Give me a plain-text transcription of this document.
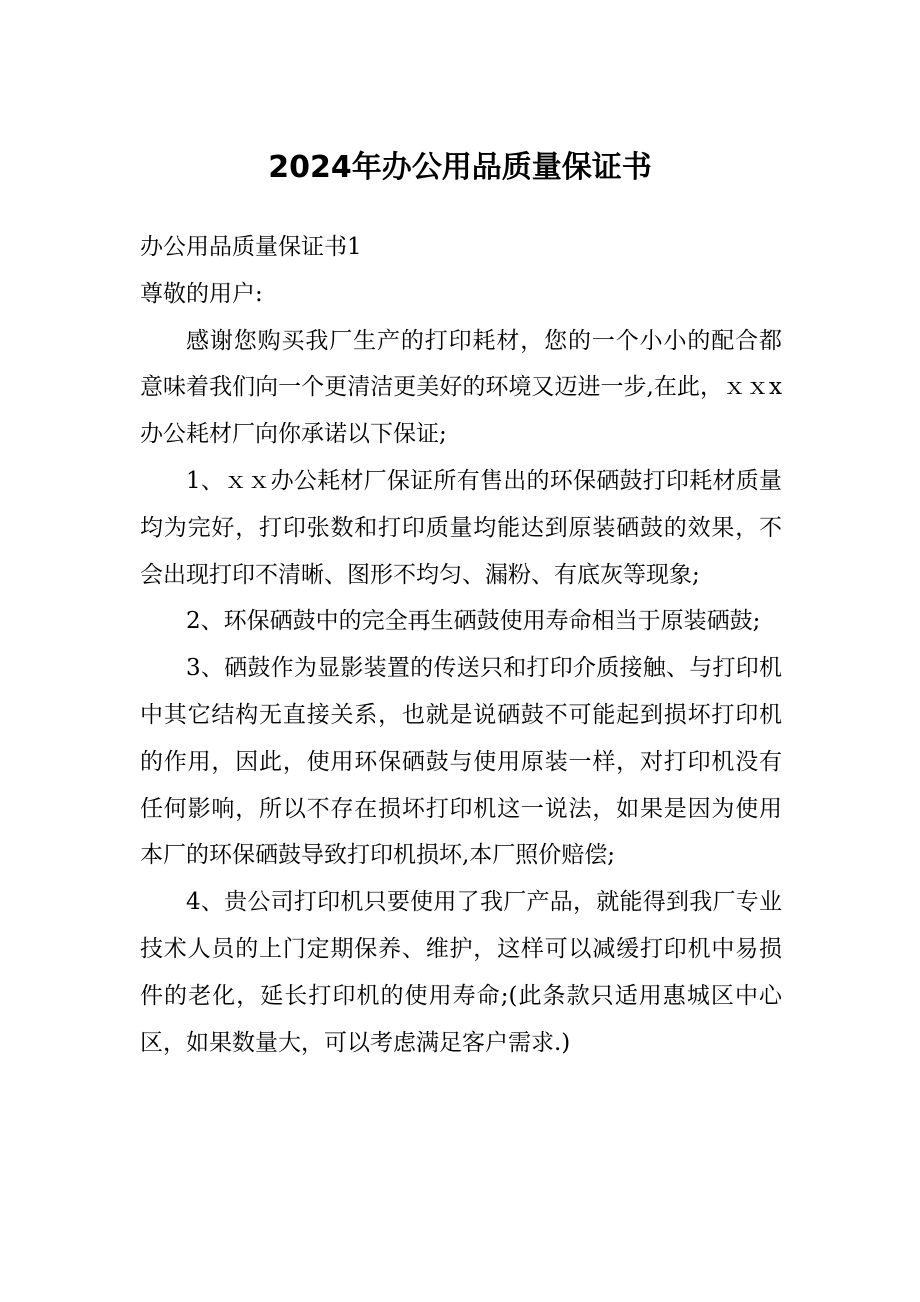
2024年办公用品质量保证书

办公用品质量保证书1

尊敬的用户:

感谢您购买我厂生产的打印耗材，您的一个小小的配合都意味着我们向一个更清洁更美好的环境又迈进一步,在此，ｘｘx办公耗材厂向你承诺以下保证;

1、ｘｘ办公耗材厂保证所有售出的环保硒鼓打印耗材质量均为完好，打印张数和打印质量均能达到原装硒鼓的效果，不会出现打印不清晰、图形不均匀、漏粉、有底灰等现象;

2、环保硒鼓中的完全再生硒鼓使用寿命相当于原装硒鼓;

3、硒鼓作为显影装置的传送只和打印介质接触、与打印机中其它结构无直接关系，也就是说硒鼓不可能起到损坏打印机的作用，因此，使用环保硒鼓与使用原装一样，对打印机没有任何影响，所以不存在损坏打印机这一说法，如果是因为使用本厂的环保硒鼓导致打印机损坏,本厂照价赔偿;

4、贵公司打印机只要使用了我厂产品，就能得到我厂专业技术人员的上门定期保养、维护，这样可以减缓打印机中易损件的老化，延长打印机的使用寿命;(此条款只适用惠城区中心区，如果数量大，可以考虑满足客户需求.)
